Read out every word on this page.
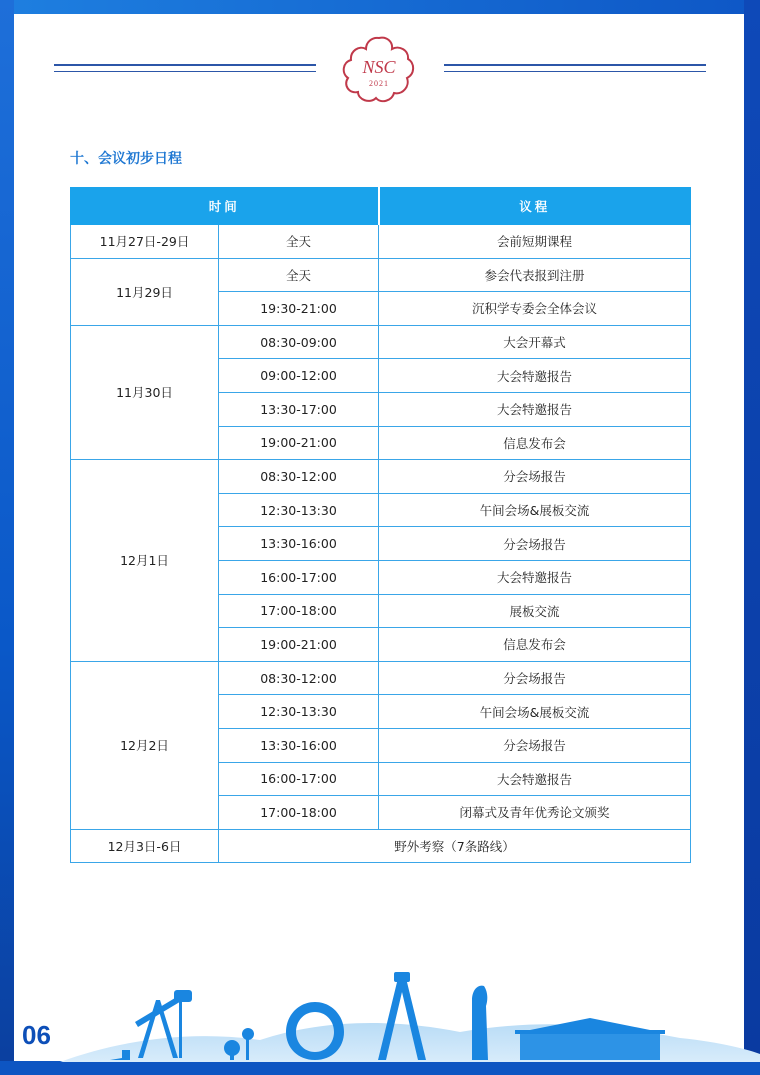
NSC
2021
十、会议初步日程
时间		议程
11月27日-29日	全天	会前短期课程
11月29日	全天	参会代表报到注册
	19:30-21:00	沉积学专委会全体会议
11月30日	08:30-09:00	大会开幕式
	09:00-12:00	大会特邀报告
	13:30-17:00	大会特邀报告
	19:00-21:00	信息发布会
12月1日	08:30-12:00	分会场报告
	12:30-13:30	午间会场&展板交流
	13:30-16:00	分会场报告
	16:00-17:00	大会特邀报告
	17:00-18:00	展板交流
	19:00-21:00	信息发布会
12月2日	08:30-12:00	分会场报告
	12:30-13:30	午间会场&展板交流
	13:30-16:00	分会场报告
	16:00-17:00	大会特邀报告
	17:00-18:00	闭幕式及青年优秀论文颁奖
12月3日-6日	野外考察（7条路线）	
06
